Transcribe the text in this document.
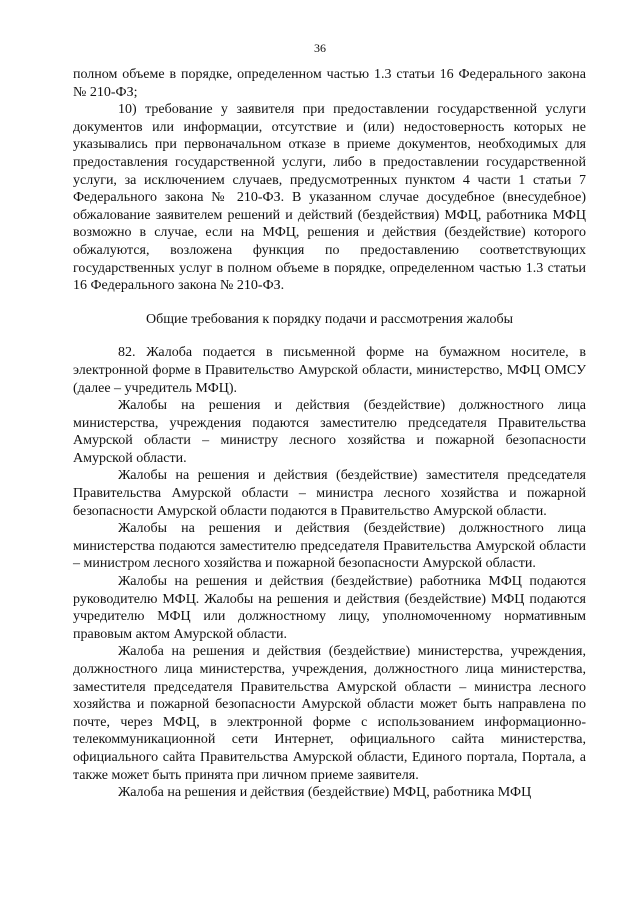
36

полном объеме в порядке, определенном частью 1.3 статьи 16 Федерального закона № 210-ФЗ;

10) требование у заявителя при предоставлении государственной услуги документов или информации, отсутствие и (или) недостоверность которых не указывались при первоначальном отказе в приеме документов, необходимых для предоставления государственной услуги, либо в предоставлении государственной услуги, за исключением случаев, предусмотренных пунктом 4 части 1 статьи 7 Федерального закона № 210-ФЗ. В указанном случае досудебное (внесудебное) обжалование заявителем решений и действий (бездействия) МФЦ, работника МФЦ возможно в случае, если на МФЦ, решения и действия (бездействие) которого обжалуются, возложена функция по предоставлению соответствующих государственных услуг в полном объеме в порядке, определенном частью 1.3 статьи 16 Федерального закона № 210-ФЗ.

Общие требования к порядку подачи и рассмотрения жалобы

82. Жалоба подается в письменной форме на бумажном носителе, в электронной форме в Правительство Амурской области, министерство, МФЦ ОМСУ (далее – учредитель МФЦ).

Жалобы на решения и действия (бездействие) должностного лица министерства, учреждения подаются заместителю председателя Правительства Амурской области – министру лесного хозяйства и пожарной безопасности Амурской области.

Жалобы на решения и действия (бездействие) заместителя председателя Правительства Амурской области – министра лесного хозяйства и пожарной безопасности Амурской области подаются в Правительство Амурской области.

Жалобы на решения и действия (бездействие) должностного лица министерства подаются заместителю председателя Правительства Амурской области – министром лесного хозяйства и пожарной безопасности Амурской области.

Жалобы на решения и действия (бездействие) работника МФЦ подаются руководителю МФЦ. Жалобы на решения и действия (бездействие) МФЦ подаются учредителю МФЦ или должностному лицу, уполномоченному нормативным правовым актом Амурской области.

Жалоба на решения и действия (бездействие) министерства, учреждения, должностного лица министерства, учреждения, должностного лица министерства, заместителя председателя Правительства Амурской области – министра лесного хозяйства и пожарной безопасности Амурской области может быть направлена по почте, через МФЦ, в электронной форме с использованием информационно-телекоммуникационной сети Интернет, официального сайта министерства, официального сайта Правительства Амурской области, Единого портала, Портала, а также может быть принята при личном приеме заявителя.

Жалоба на решения и действия (бездействие) МФЦ, работника МФЦ
